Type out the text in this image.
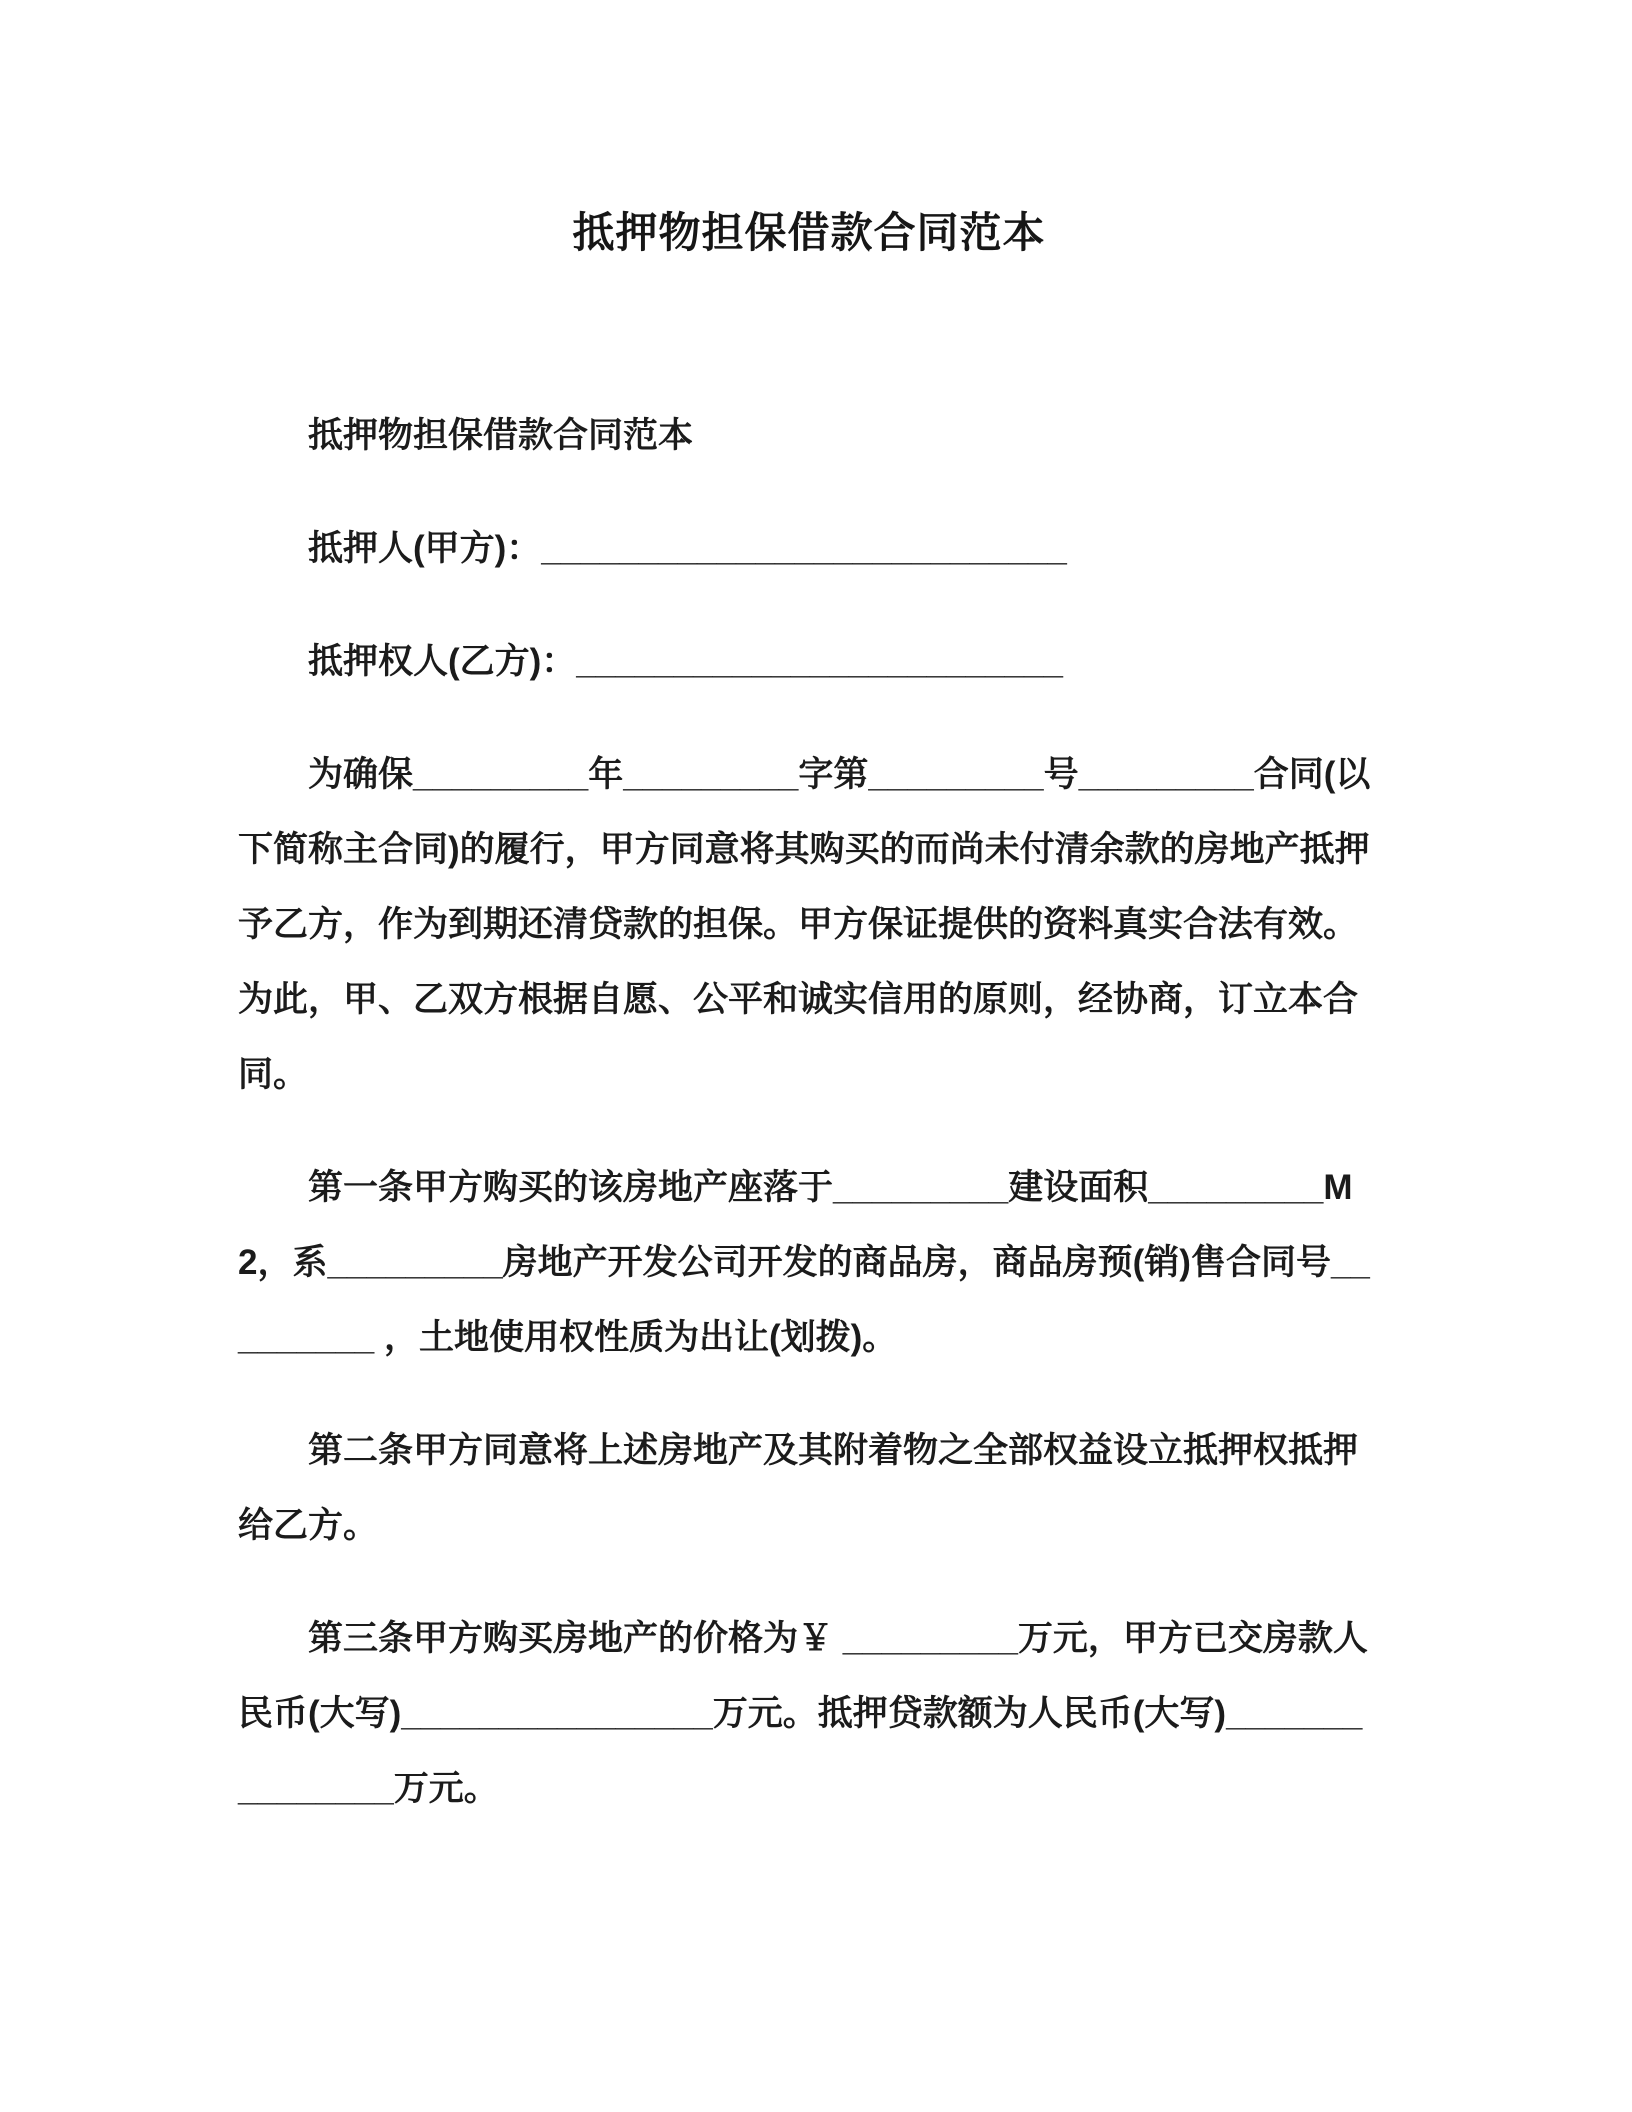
抵押物担保借款合同范本

抵押物担保借款合同范本

抵押人(甲方)：___________________________

抵押权人(乙方)：_________________________

为确保_________年_________字第_________号_________合同(以下简称主合同)的履行，甲方同意将其购买的而尚未付清余款的房地产抵押予乙方，作为到期还清贷款的担保。甲方保证提供的资料真实合法有效。为此，甲、乙双方根据自愿、公平和诚实信用的原则，经协商，订立本合同。

第一条甲方购买的该房地产座落于_________建设面积_________M2，系_________房地产开发公司开发的商品房，商品房预(销)售合同号_________ ，土地使用权性质为出让(划拨)。

第二条甲方同意将上述房地产及其附着物之全部权益设立抵押权抵押给乙方。

第三条甲方购买房地产的价格为￥ _________万元，甲方已交房款人民币(大写)________________万元。抵押贷款额为人民币(大写)_______________万元。
